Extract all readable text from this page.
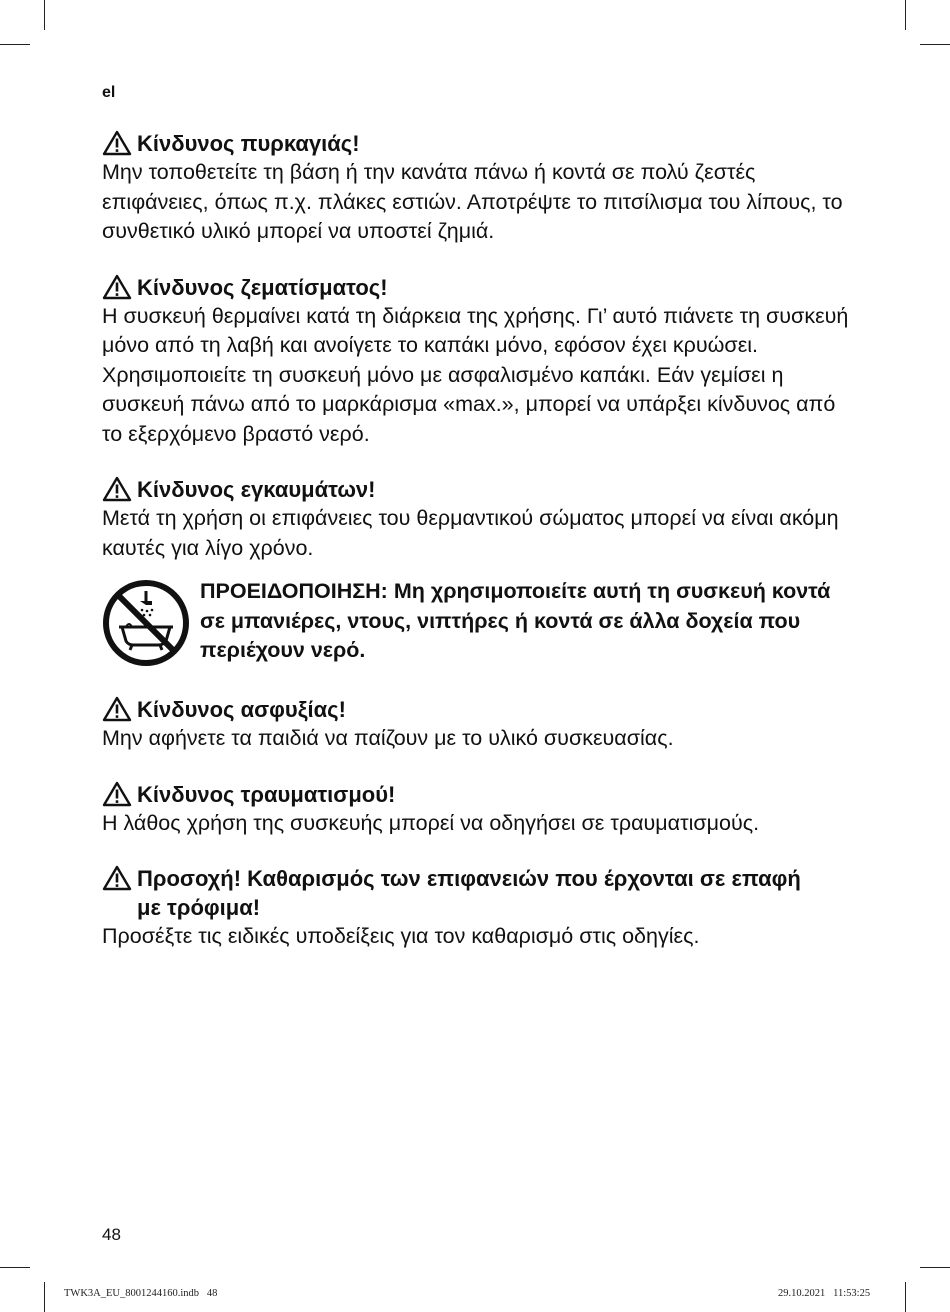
el
Κίνδυνος πυρκαγιάς!

Μην τοποθετείτε τη βάση ή την κανάτα πάνω ή κοντά σε πολύ ζεστές επιφάνειες, όπως π.χ. πλάκες εστιών. Αποτρέψτε το πιτσίλισμα του λίπους, το συνθετικό υλικό μπορεί να υποστεί ζημιά.

Κίνδυνος ζεματίσματος!

Η συσκευή θερμαίνει κατά τη διάρκεια της χρήσης. Γι’ αυτό πιάνετε τη συσκευή μόνο από τη λαβή και ανοίγετε το καπάκι μόνο, εφόσον έχει κρυώσει. Χρησιμοποιείτε τη συσκευή μόνο με ασφαλισμένο καπάκι. Εάν γεμίσει η συσκευή πάνω από το μαρκάρισμα «max.», μπορεί να υπάρξει κίνδυνος από το εξερχόμενο βραστό νερό.

Κίνδυνος εγκαυμάτων!

Μετά τη χρήση οι επιφάνειες του θερμαντικού σώματος μπορεί να είναι ακόμη καυτές για λίγο χρόνο.

ΠΡΟΕΙΔΟΠΟΙΗΣΗ: Μη χρησιμοποιείτε αυτή τη συσκευή κοντά σε μπανιέρες, ντους, νιπτήρες ή κοντά σε άλλα δοχεία που περιέχουν νερό.
Κίνδυνος ασφυξίας!

Μην αφήνετε τα παιδιά να παίζουν με το υλικό συσκευασίας.

Κίνδυνος τραυματισμού!

Η λάθος χρήση της συσκευής μπορεί να οδηγήσει σε τραυματισμούς.

Προσοχή! Καθαρισμός των επιφανειών που έρχονται σε επαφή με τρόφιμα!

Προσέξτε τις ειδικές υποδείξεις για τον καθαρισμό στις οδηγίες.

48
TWK3A_EU_8001244160.indb   48	29.10.2021   11:53:25
